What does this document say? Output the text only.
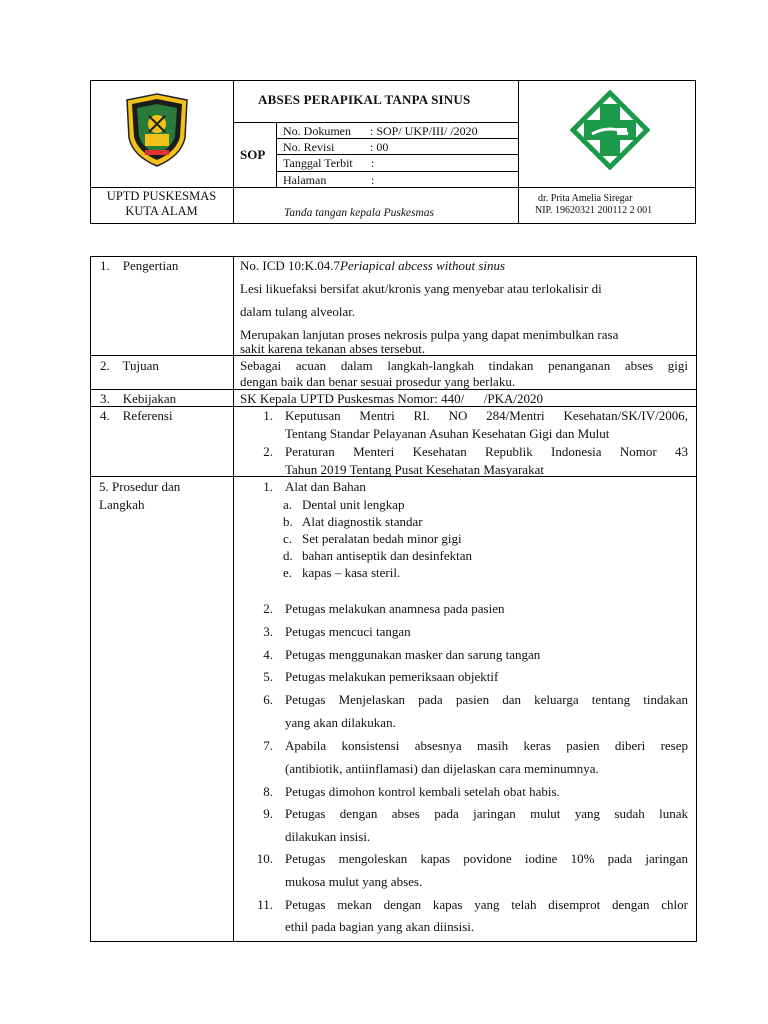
ABSES PERAPIKAL TANPA SINUS
SOP
No. Dokumen : SOP/ UKP/III/ /2020
No. Revisi	: 00
Tanggal Terbit :
Halaman	:
UPTD PUSKESMAS
KUTA ALAM	Tanda tangan kepala Puskesmas
dr. Prita Amelia Siregar
NIP. 19620321 200112 2 001
1.    Pengertian	No. ICD 10:K.04.7Periapical abcess without sinus
Lesi likuefaksi bersifat akut/kronis yang menyebar atau terlokalisir di
dalam tulang alveolar.
Merupakan lanjutan proses nekrosis pulpa yang dapat menimbulkan rasa
sakit karena tekanan abses tersebut.
2.    Tujuan	Sebagai acuan dalam langkah-langkah tindakan penanganan abses gigi
dengan baik dan benar sesuai prosedur yang berlaku.
3.    Kebijakan	SK Kepala UPTD Puskesmas Nomor: 440/      /PKA/2020
4.    Referensi	1. Keputusan Mentri RI. NO 284/Mentri Kesehatan/SK/IV/2006,
Tentang Standar Pelayanan Asuhan Kesehatan Gigi dan Mulut
2. Peraturan Menteri Kesehatan Republik Indonesia Nomor 43
Tahun 2019 Tentang Pusat Kesehatan Masyarakat
5. Prosedur dan
Langkah
1. Alat dan Bahan
a. Dental unit lengkap
b. Alat diagnostik standar
c. Set peralatan bedah minor gigi
d. bahan antiseptik dan desinfektan
e. kapas – kasa steril.
2. Petugas melakukan anamnesa pada pasien
3. Petugas mencuci tangan
4. Petugas menggunakan masker dan sarung tangan
5. Petugas melakukan pemeriksaan objektif
6. Petugas Menjelaskan pada pasien dan keluarga tentang tindakan
yang akan dilakukan.
7. Apabila konsistensi absesnya masih keras pasien diberi resep
(antibiotik, antiinflamasi) dan dijelaskan cara meminumnya.
8. Petugas dimohon kontrol kembali setelah obat habis.
9. Petugas dengan abses pada jaringan mulut yang sudah lunak
dilakukan insisi.
10. Petugas mengoleskan kapas povidone iodine 10% pada jaringan
mukosa mulut yang abses.
11. Petugas mekan dengan kapas yang telah disemprot dengan chlor
ethil pada bagian yang akan diinsisi.
